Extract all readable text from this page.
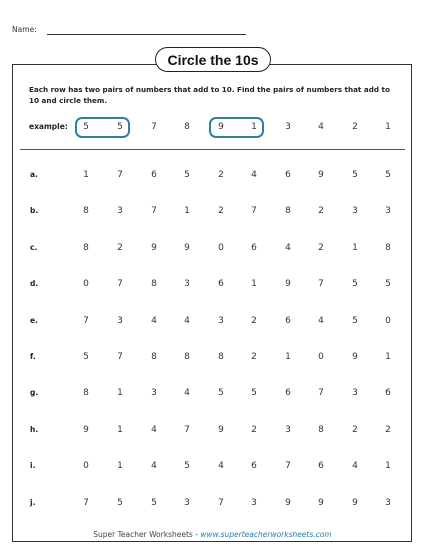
Name:
Circle the 10s
Each row has two pairs of numbers that add to 10. Find the pairs of numbers that add to 10 and circle them.
example:	5	5	7	8	9	1	3	4	2	1
a.	1	7	6	5	2	4	6	9	5	5
b.	8	3	7	1	2	7	8	2	3	3
c.	8	2	9	9	0	6	4	2	1	8
d.	0	7	8	3	6	1	9	7	5	5
e.	7	3	4	4	3	2	6	4	5	0
f.	5	7	8	8	8	2	1	0	9	1
g.	8	1	3	4	5	5	6	7	3	6
h.	9	1	4	7	9	2	3	8	2	2
i.	0	1	4	5	4	6	7	6	4	1
j.	7	5	5	3	7	3	9	9	9	3
Super Teacher Worksheets - www.superteacherworksheets.com
